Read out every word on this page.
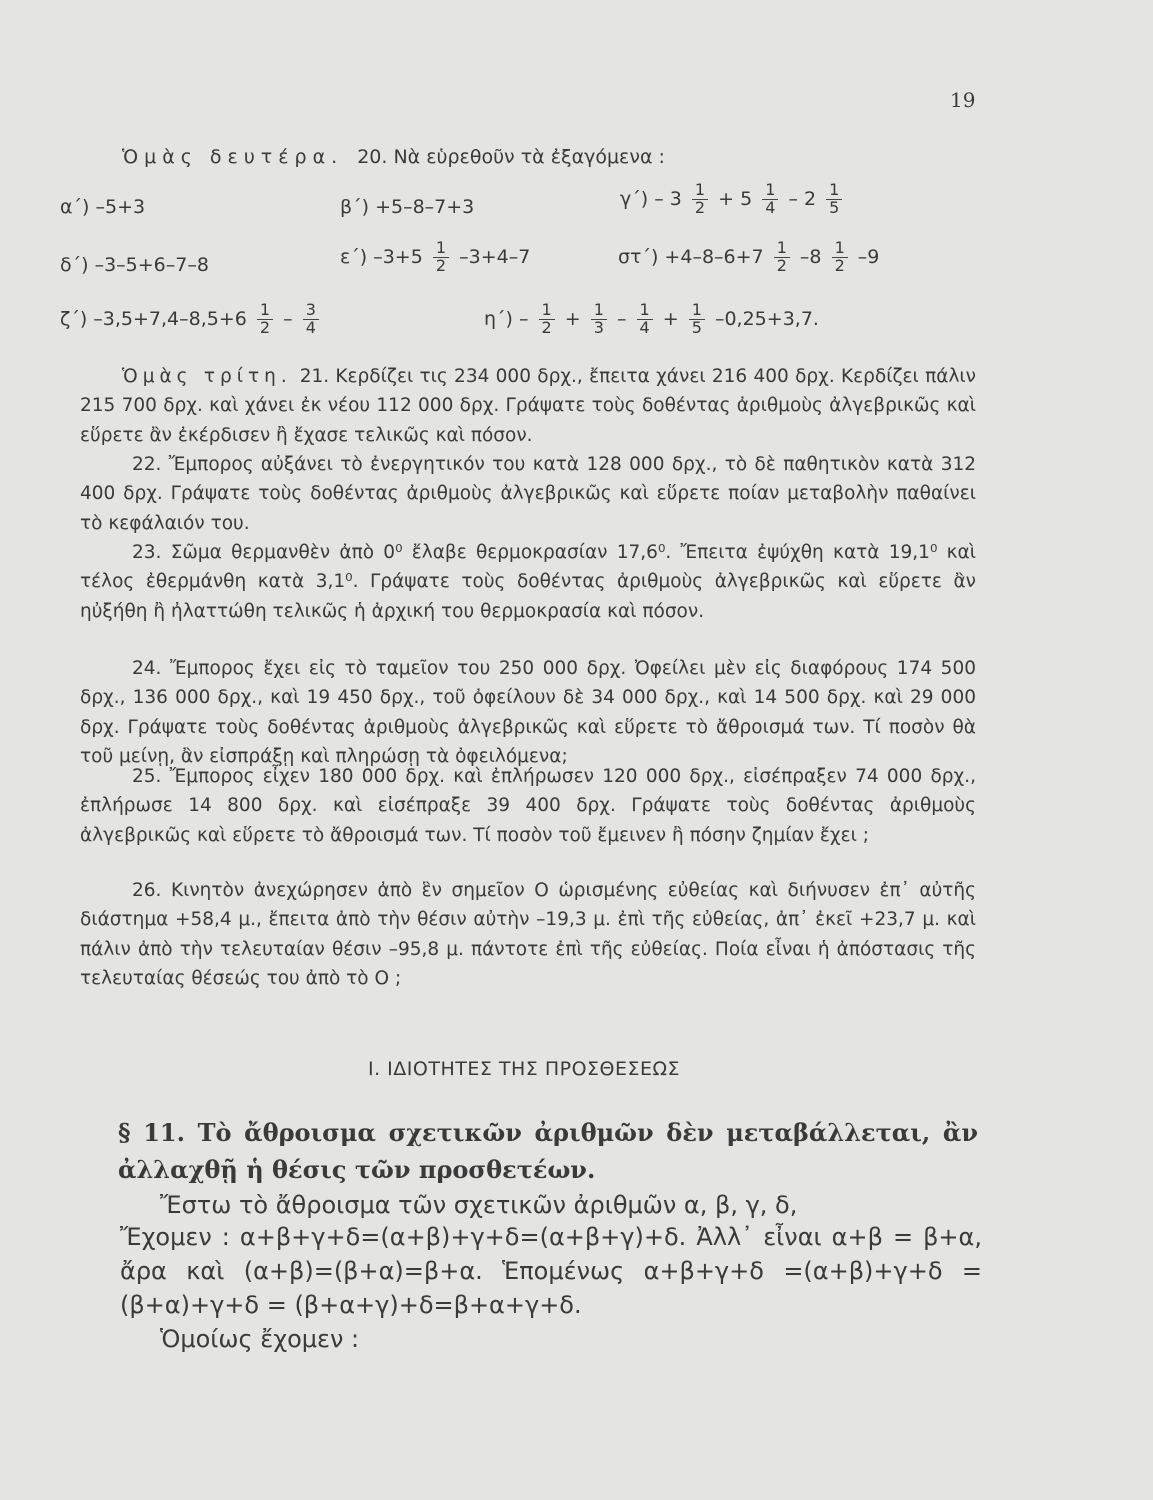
19
Ὁμὰς δευτέρα. 20. Νὰ εὑρεθοῦν τὰ ἐξαγόμενα :
α΄) –5+3	β΄) +5–8–7+3	$\gamma΄) - 3 \frac{1}{2} + 5 \frac{1}{4} - 2 \frac{1}{5}$
δ΄) –3–5+6–7–8	ε΄) $-3+5 \frac{1}{2} -3+4-7$	$\sigma\tau΄) +4-8-6+7 \frac{1}{2} -8 \frac{1}{2} -9$
ζ΄) $-3,5+7,4-8,5+6 \frac{1}{2} - \frac{3}{4}$	$\eta΄) - \frac{1}{2} + \frac{1}{3} - \frac{1}{4} + \frac{1}{5} -0,25+3,7$.
Ὁμὰς τρίτη. 21. Κερδίζει τις 234 000 δρχ., ἔπειτα χάνει 216 400 δρχ. Κερδίζει πάλιν 215 700 δρχ. καὶ χάνει ἐκ νέου 112 000 δρχ. Γράψατε τοὺς δοθέντας ἀριθμοὺς ἀλγεβρικῶς καὶ εὕρετε ἂν ἐκέρδισεν ἢ ἔχασε τελικῶς καὶ πόσον.
22. Ἔμπορος αὐξάνει τὸ ἐνεργητικόν του κατὰ 128 000 δρχ., τὸ δὲ παθητικὸν κατὰ 312 400 δρχ. Γράψατε τοὺς δοθέντας ἀριθμοὺς ἀλγεβρικῶς καὶ εὕρετε ποίαν μεταβολὴν παθαίνει τὸ κεφάλαιόν του.
23. Σῶμα θερμανθὲν ἀπὸ 0⁰ ἔλαβε θερμοκρασίαν 17,6⁰. Ἔπειτα ἐψύχθη κατὰ 19,1⁰ καὶ τέλος ἐθερμάνθη κατὰ 3,1⁰. Γράψατε τοὺς δοθέντας ἀριθμοὺς ἀλγεβρικῶς καὶ εὕρετε ἂν ηὐξήθη ἢ ἠλαττώθη τελικῶς ἡ ἀρχική του θερμοκρασία καὶ πόσον.
24. Ἔμπορος ἔχει εἰς τὸ ταμεῖον του 250 000 δρχ. Ὀφείλει μὲν εἰς διαφόρους 174 500 δρχ., 136 000 δρχ., καὶ 19 450 δρχ., τοῦ ὀφείλουν δὲ 34 000 δρχ., καὶ 14 500 δρχ. καὶ 29 000 δρχ. Γράψατε τοὺς δοθέντας ἀριθμοὺς ἀλγεβρικῶς καὶ εὕρετε τὸ ἄθροισμά των. Τί ποσὸν θὰ τοῦ μείνῃ, ἂν εἰσπράξῃ καὶ πληρώσῃ τὰ ὀφειλόμενα;
25. Ἔμπορος εἶχεν 180 000 δρχ. καὶ ἐπλήρωσεν 120 000 δρχ., εἰσέπραξεν 74 000 δρχ., ἐπλήρωσε 14 800 δρχ. καὶ εἰσέπραξε 39 400 δρχ. Γράψατε τοὺς δοθέντας ἀριθμοὺς ἀλγεβρικῶς καὶ εὕρετε τὸ ἄθροισμά των. Τί ποσὸν τοῦ ἔμεινεν ἢ πόσην ζημίαν ἔχει ;
26. Κινητὸν ἀνεχώρησεν ἀπὸ ἓν σημεῖον Ο ὡρισμένης εὐθείας καὶ διήνυσεν ἐπ᾽ αὐτῆς διάστημα +58,4 μ., ἔπειτα ἀπὸ τὴν θέσιν αὐτὴν –19,3 μ. ἐπὶ τῆς εὐθείας, ἀπ᾽ ἐκεῖ +23,7 μ. καὶ πάλιν ἀπὸ τὴν τελευταίαν θέσιν –95,8 μ. πάντοτε ἐπὶ τῆς εὐθείας. Ποία εἶναι ἡ ἀπόστασις τῆς τελευταίας θέσεώς του ἀπὸ τὸ Ο ;
Ι. ΙΔΙΟΤΗΤΕΣ ΤΗΣ ΠΡΟΣΘΕΣΕΩΣ
§ 11. Τὸ ἄθροισμα σχετικῶν ἀριθμῶν δὲν μεταβάλλεται, ἂν ἀλλαχθῇ ἡ θέσις τῶν προσθετέων.
Ἔστω τὸ ἄθροισμα τῶν σχετικῶν ἀριθμῶν α, β, γ, δ,
Ἔχομεν : α+β+γ+δ=(α+β)+γ+δ=(α+β+γ)+δ. Ἀλλ᾽ εἶναι α+β = β+α, ἄρα καὶ (α+β)=(β+α)=β+α. Ἑπομένως α+β+γ+δ =(α+β)+γ+δ = (β+α)+γ+δ = (β+α+γ)+δ=β+α+γ+δ.
Ὁμοίως ἔχομεν :
